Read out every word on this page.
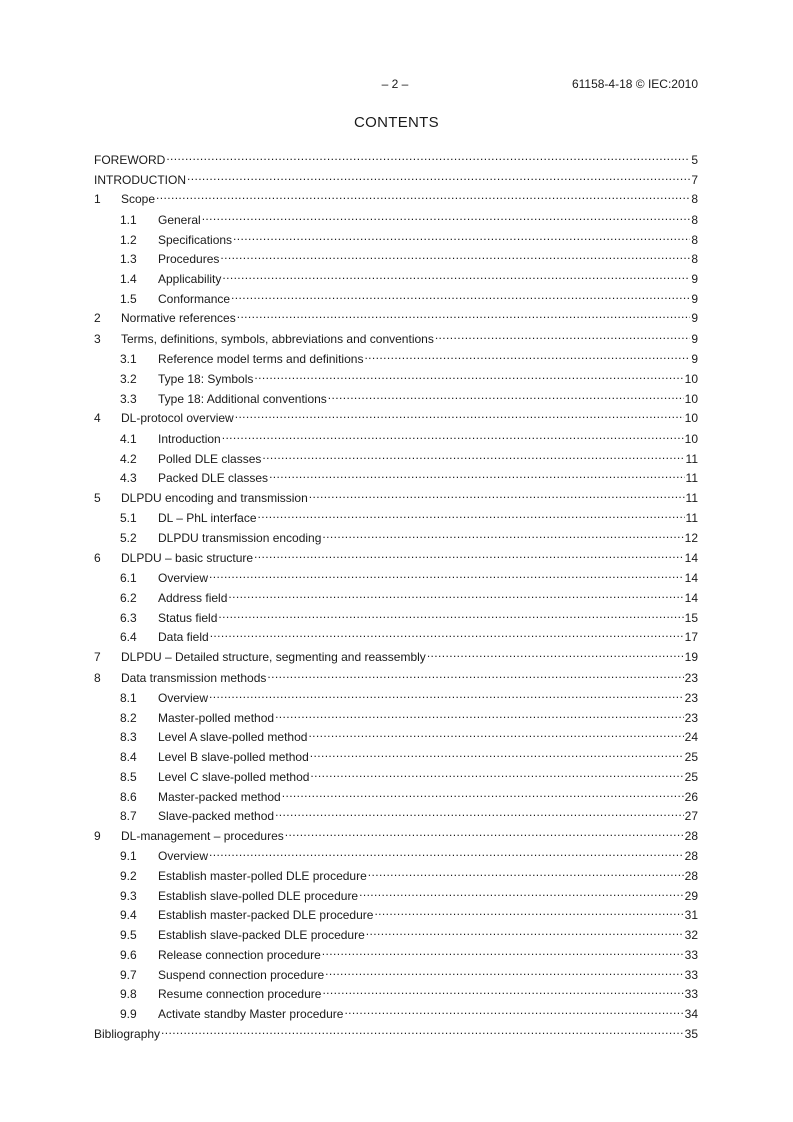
– 2 –	61158-4-18 © IEC:2010
CONTENTS
FOREWORD .....	5
INTRODUCTION .....	7
1	Scope .....	8
1.1	General .....	8
1.2	Specifications .....	8
1.3	Procedures .....	8
1.4	Applicability .....	9
1.5	Conformance .....	9
2	Normative references .....	9
3	Terms, definitions, symbols, abbreviations and conventions .....	9
3.1	Reference model terms and definitions .....	9
3.2	Type 18: Symbols .....	10
3.3	Type 18: Additional conventions .....	10
4	DL-protocol overview .....	10
4.1	Introduction .....	10
4.2	Polled DLE classes .....	11
4.3	Packed DLE classes .....	11
5	DLPDU encoding and transmission .....	11
5.1	DL – PhL interface .....	11
5.2	DLPDU transmission encoding .....	12
6	DLPDU – basic structure .....	14
6.1	Overview .....	14
6.2	Address field .....	14
6.3	Status field .....	15
6.4	Data field .....	17
7	DLPDU – Detailed structure, segmenting and reassembly .....	19
8	Data transmission methods .....	23
8.1	Overview .....	23
8.2	Master-polled method .....	23
8.3	Level A slave-polled method .....	24
8.4	Level B slave-polled method .....	25
8.5	Level C slave-polled method .....	25
8.6	Master-packed method .....	26
8.7	Slave-packed method .....	27
9	DL-management – procedures .....	28
9.1	Overview .....	28
9.2	Establish master-polled DLE procedure .....	28
9.3	Establish slave-polled DLE procedure .....	29
9.4	Establish master-packed DLE procedure .....	31
9.5	Establish slave-packed DLE procedure .....	32
9.6	Release connection procedure .....	33
9.7	Suspend connection procedure .....	33
9.8	Resume connection procedure .....	33
9.9	Activate standby Master procedure .....	34
Bibliography .....	35
